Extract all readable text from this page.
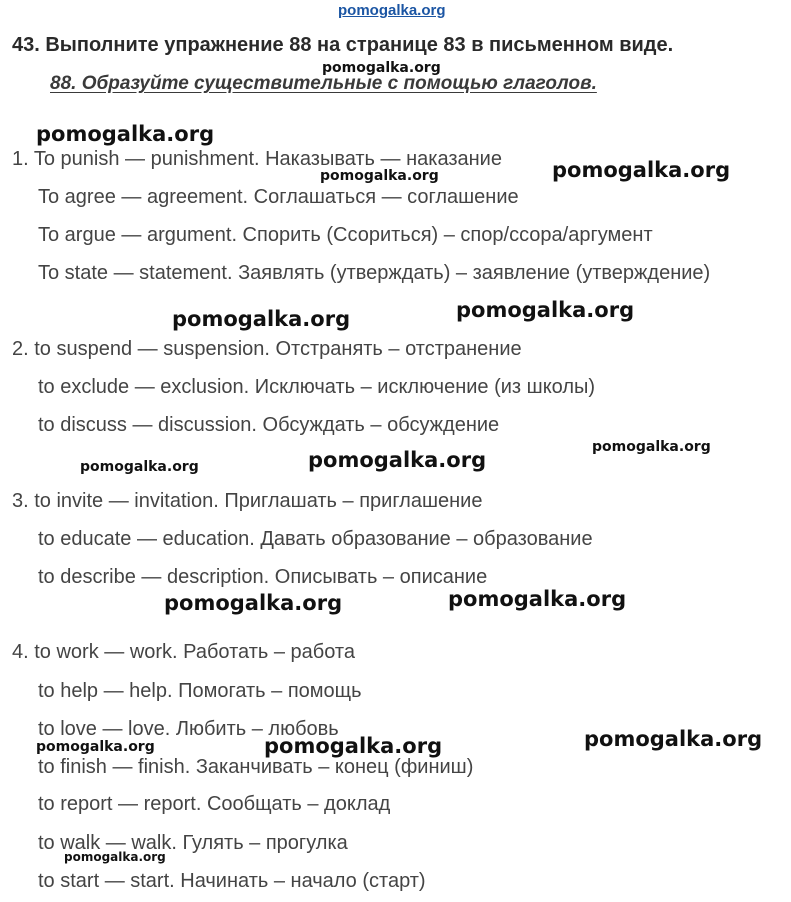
pomogalka.org
43. Выполните упражнение 88 на странице 83 в письменном виде.
88. Образуйте существительные с помощью глаголов.
1. To punish — punishment. Наказывать — наказание
To agree — agreement. Соглашаться — соглашение
To argue — argument. Спорить (Ссориться) – спор/ссора/аргумент
To state — statement. Заявлять (утверждать) – заявление (утверждение)
2. to suspend — suspension. Отстранять – отстранение
to exclude — exclusion. Исключать – исключение (из школы)
to discuss — discussion. Обсуждать – обсуждение
3. to invite — invitation. Приглашать – приглашение
to educate — education. Давать образование – образование
to describe — description. Описывать – описание
4. to work — work. Работать – работа
to help — help. Помогать – помощь
to love — love. Любить – любовь
to finish — finish. Заканчивать – конец (финиш)
to report — report. Сообщать – доклад
to walk — walk. Гулять – прогулка
to start — start. Начинать – начало (старт)
pomogalka.org
pomogalka.org
pomogalka.org	pomogalka.org
pomogalka.org
pomogalka.org
pomogalka.org
pomogalka.org
pomogalka.org
pomogalka.org
pomogalka.org
pomogalka.org
pomogalka.org
pomogalka.org
pomogalka.org
